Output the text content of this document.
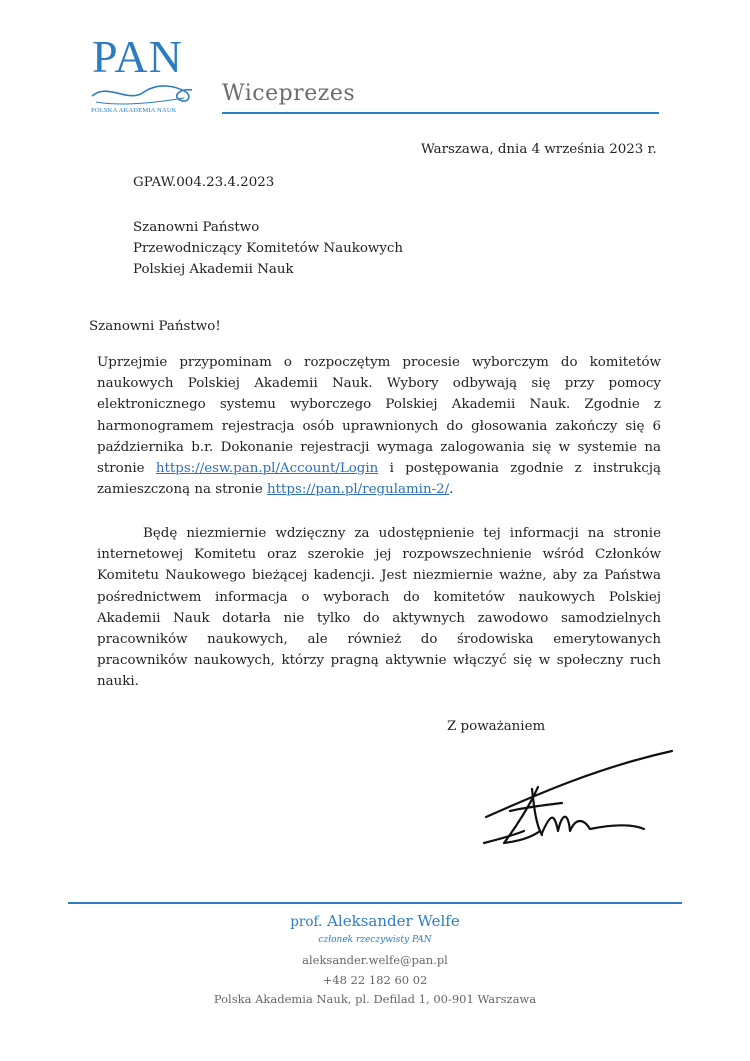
PAN
POLSKA AKADEMIA NAUK
Wiceprezes
Warszawa, dnia 4 września 2023 r.
GPAW.004.23.4.2023
Szanowni Państwo
Przewodniczący Komitetów Naukowych
Polskiej Akademii Nauk
Szanowni Państwo!
Uprzejmie przypominam o rozpoczętym procesie wyborczym do komitetów naukowych Polskiej Akademii Nauk. Wybory odbywają się przy pomocy elektronicznego systemu wyborczego Polskiej Akademii Nauk. Zgodnie z harmonogramem rejestracja osób uprawnionych do głosowania zakończy się 6 października b.r. Dokonanie rejestracji wymaga zalogowania się w systemie na stronie https://esw.pan.pl/Account/Login i postępowania zgodnie z instrukcją zamieszczoną na stronie https://pan.pl/regulamin-2/.
Będę niezmiernie wdzięczny za udostępnienie tej informacji na stronie internetowej Komitetu oraz szerokie jej rozpowszechnienie wśród Członków Komitetu Naukowego bieżącej kadencji. Jest niezmiernie ważne, aby za Państwa pośrednictwem informacja o wyborach do komitetów naukowych Polskiej Akademii Nauk dotarła nie tylko do aktywnych zawodowo samodzielnych pracowników naukowych, ale również do środowiska emerytowanych pracowników naukowych, którzy pragną aktywnie włączyć się w społeczny ruch nauki.
Z poważaniem
prof. Aleksander Welfe
członek rzeczywisty PAN
aleksander.welfe@pan.pl
+48 22 182 60 02
Polska Akademia Nauk, pl. Defilad 1, 00-901 Warszawa
